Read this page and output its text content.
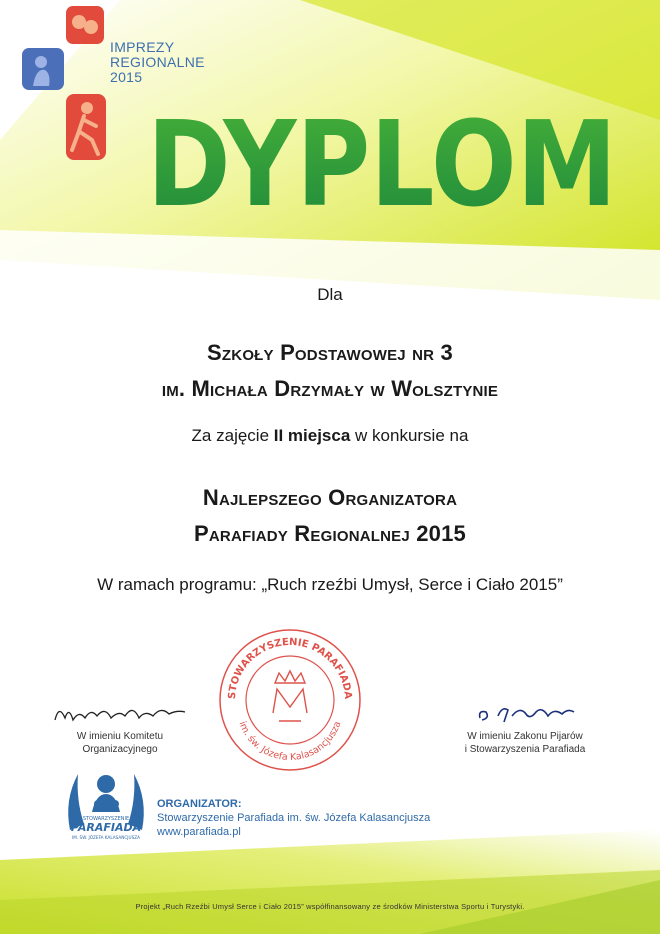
IMPREZY
REGIONALNE
2015
DYPLOM
Dla
Szkoły Podstawowej nr 3
im. Michała Drzymały w Wolsztynie
Za zajęcie II miejsca w konkursie na
Najlepszego Organizatora
Parafiady Regionalnej 2015
W ramach programu: „Ruch rzeźbi Umysł, Serce i Ciało 2015”
W imieniu Komitetu
Organizacyjnego
W imieniu Zakonu Pijarów
i Stowarzyszenia Parafiada
STOWARZYSZENIE PARAFIADA
im. św. Józefa Kalasancjusza
STOWARZYSZENIE
PARAFIADA
IM. ŚW. JÓZEFA KALASANCJUSZA
ORGANIZATOR:
Stowarzyszenie Parafiada im. św. Józefa Kalasancjusza
www.parafiada.pl
Projekt „Ruch Rzeźbi Umysł Serce i Ciało 2015” współfinansowany ze środków Ministerstwa Sportu i Turystyki.
